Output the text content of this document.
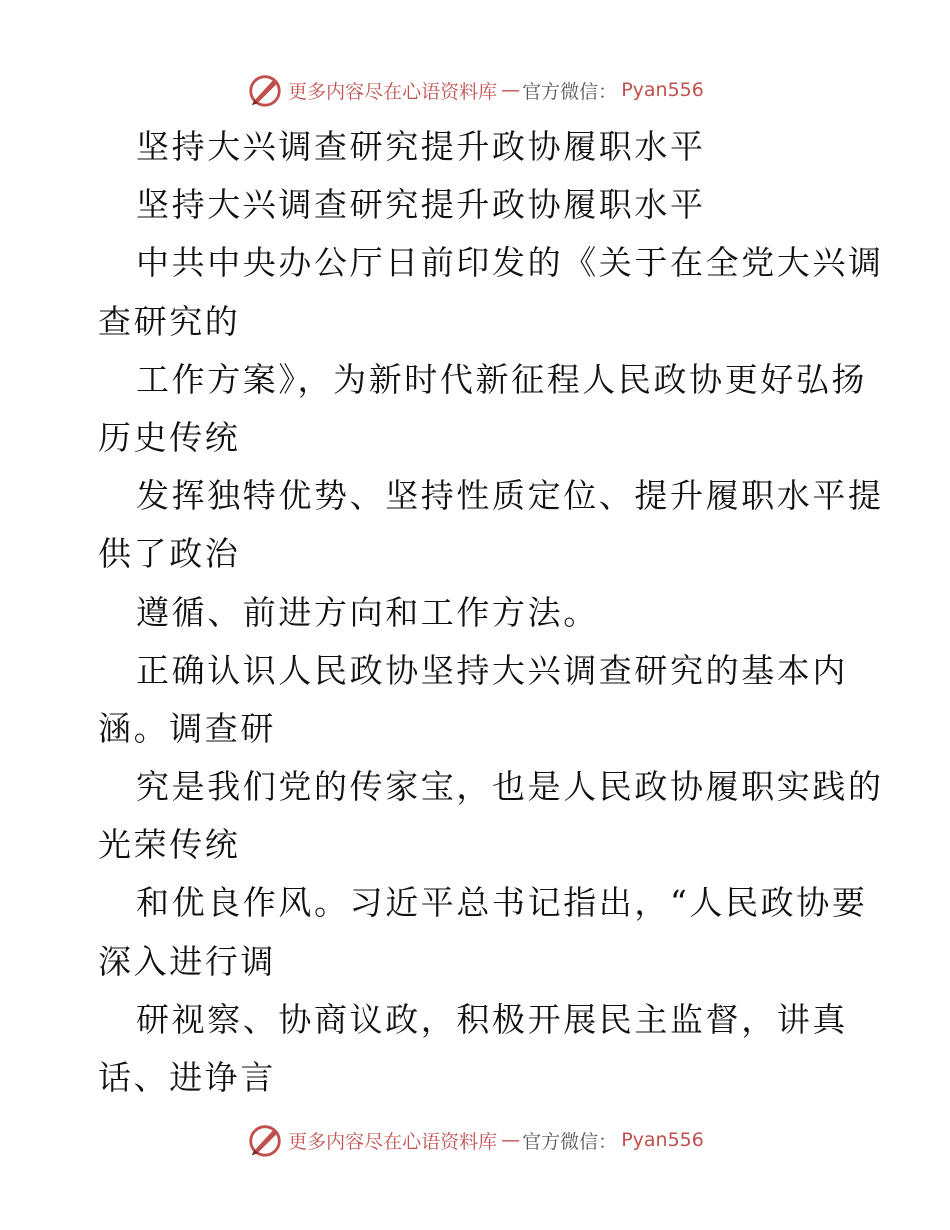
更多内容尽在心语资料库 — 官方微信： Pyan556

坚持大兴调查研究提升政协履职水平

坚持大兴调查研究提升政协履职水平

中共中央办公厅日前印发的《关于在全党大兴调

查研究的

工作方案》，为新时代新征程人民政协更好弘扬

历史传统

发挥独特优势、坚持性质定位、提升履职水平提

供了政治

遵循、前进方向和工作方法。

正确认识人民政协坚持大兴调查研究的基本内

涵。调查研

究是我们党的传家宝，也是人民政协履职实践的

光荣传统

和优良作风。习近平总书记指出，“人民政协要

深入进行调

研视察、协商议政，积极开展民主监督，讲真

话、进诤言

更多内容尽在心语资料库 — 官方微信： Pyan556
